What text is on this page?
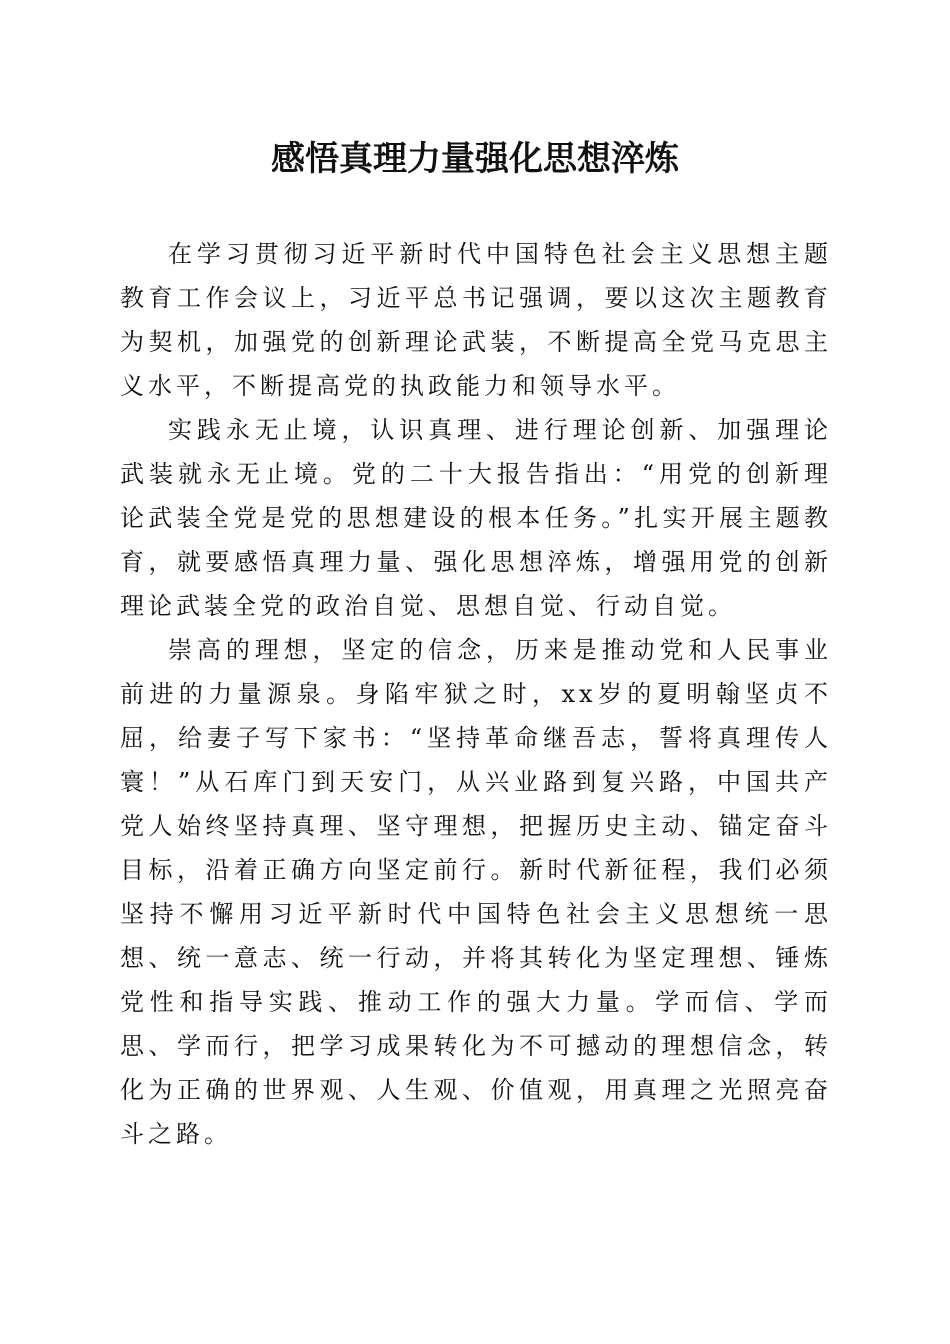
感悟真理力量强化思想淬炼

在学习贯彻习近平新时代中国特色社会主义思想主题教育工作会议上，习近平总书记强调，要以这次主题教育为契机，加强党的创新理论武装，不断提高全党马克思主义水平，不断提高党的执政能力和领导水平。

实践永无止境，认识真理、进行理论创新、加强理论武装就永无止境。党的二十大报告指出：“用党的创新理论武装全党是党的思想建设的根本任务。”扎实开展主题教育，就要感悟真理力量、强化思想淬炼，增强用党的创新理论武装全党的政治自觉、思想自觉、行动自觉。

崇高的理想，坚定的信念，历来是推动党和人民事业前进的力量源泉。身陷牢狱之时，xx岁的夏明翰坚贞不屈，给妻子写下家书：“坚持革命继吾志，誓将真理传人寰！”从石库门到天安门，从兴业路到复兴路，中国共产党人始终坚持真理、坚守理想，把握历史主动、锚定奋斗目标，沿着正确方向坚定前行。新时代新征程，我们必须坚持不懈用习近平新时代中国特色社会主义思想统一思想、统一意志、统一行动，并将其转化为坚定理想、锤炼党性和指导实践、推动工作的强大力量。学而信、学而思、学而行，把学习成果转化为不可撼动的理想信念，转化为正确的世界观、人生观、价值观，用真理之光照亮奋斗之路。
